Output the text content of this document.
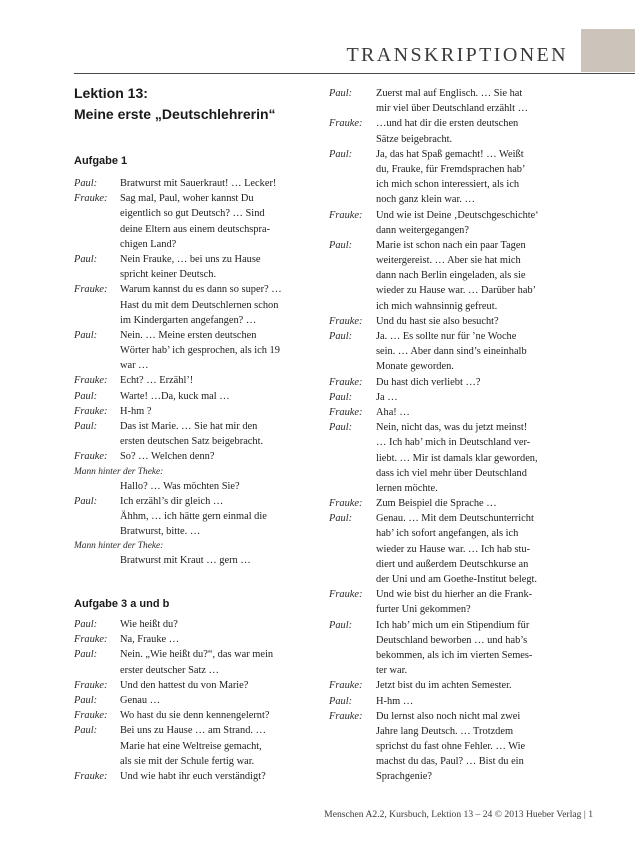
TRANSKRIPTIONEN
Lektion 13:
Meine erste „Deutschlehrerin“
Aufgabe 1
Paul: Bratwurst mit Sauerkraut! … Lecker!
Frauke: Sag mal, Paul, woher kannst Du
eigentlich so gut Deutsch? … Sind
deine Eltern aus einem deutschspra-
chigen Land?
Paul: Nein Frauke, … bei uns zu Hause
spricht keiner Deutsch.
Frauke: Warum kannst du es dann so super? …
Hast du mit dem Deutschlernen schon
im Kindergarten angefangen? …
Paul: Nein. … Meine ersten deutschen
Wörter hab’ ich gesprochen, als ich 19
war …
Frauke: Echt? … Erzähl’!
Paul: Warte! …Da, kuck mal …
Frauke: H-hm ?
Paul: Das ist Marie. … Sie hat mir den
ersten deutschen Satz beigebracht.
Frauke: So? … Welchen denn?
Mann hinter der Theke:
Hallo? … Was möchten Sie?
Paul: Ich erzähl’s dir gleich …
Ähhm, … ich hätte gern einmal die
Bratwurst, bitte. …
Mann hinter der Theke:
Bratwurst mit Kraut … gern …
Aufgabe 3 a und b
Paul: Wie heißt du?
Frauke: Na, Frauke …
Paul: Nein. „Wie heißt du?“, das war mein
erster deutscher Satz …
Frauke: Und den hattest du von Marie?
Paul: Genau …
Frauke: Wo hast du sie denn kennengelernt?
Paul: Bei uns zu Hause … am Strand. …
Marie hat eine Weltreise gemacht,
als sie mit der Schule fertig war.
Frauke: Und wie habt ihr euch verständigt?
Paul: Zuerst mal auf Englisch. … Sie hat
mir viel über Deutschland erzählt …
Frauke: …und hat dir die ersten deutschen
Sätze beigebracht.
Paul: Ja, das hat Spaß gemacht! … Weißt
du, Frauke, für Fremdsprachen hab’
ich mich schon interessiert, als ich
noch ganz klein war. …
Frauke: Und wie ist Deine ‚Deutschgeschichte‘
dann weitergegangen?
Paul: Marie ist schon nach ein paar Tagen
weitergereist. … Aber sie hat mich
dann nach Berlin eingeladen, als sie
wieder zu Hause war. … Darüber hab’
ich mich wahnsinnig gefreut.
Frauke: Und du hast sie also besucht?
Paul: Ja. … Es sollte nur für ’ne Woche
sein. … Aber dann sind’s eineinhalb
Monate geworden.
Frauke: Du hast dich verliebt …?
Paul: Ja …
Frauke: Aha! …
Paul: Nein, nicht das, was du jetzt meinst!
… Ich hab’ mich in Deutschland ver-
liebt. … Mir ist damals klar geworden,
dass ich viel mehr über Deutschland
lernen möchte.
Frauke: Zum Beispiel die Sprache …
Paul: Genau. … Mit dem Deutschunterricht
hab’ ich sofort angefangen, als ich
wieder zu Hause war. … Ich hab stu-
diert und außerdem Deutschkurse an
der Uni und am Goethe-Institut belegt.
Frauke: Und wie bist du hierher an die Frank-
furter Uni gekommen?
Paul: Ich hab’ mich um ein Stipendium für
Deutschland beworben … und hab’s
bekommen, als ich im vierten Semes-
ter war.
Frauke: Jetzt bist du im achten Semester.
Paul: H-hm …
Frauke: Du lernst also noch nicht mal zwei
Jahre lang Deutsch. … Trotzdem
sprichst du fast ohne Fehler. … Wie
machst du das, Paul? … Bist du ein
Sprachgenie?
Menschen A2.2, Kursbuch, Lektion 13 – 24 © 2013 Hueber Verlag | 1
